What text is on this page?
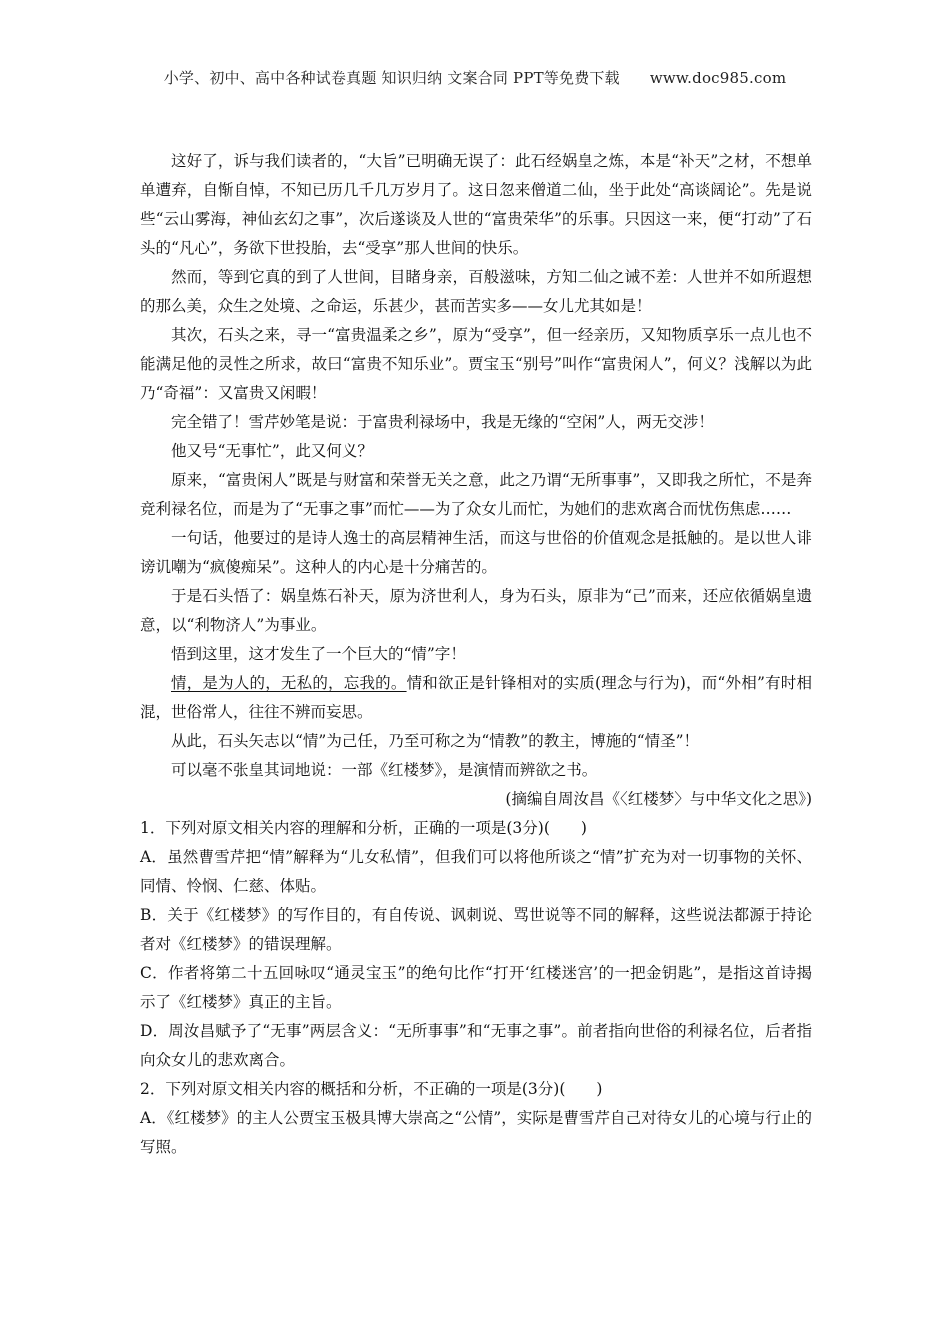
小学、初中、高中各种试卷真题 知识归纳 文案合同 PPT等免费下载 www.doc985.com

这好了，诉与我们读者的，“大旨”已明确无误了：此石经娲皇之炼，本是“补天”之材，不想单单遭弃，自惭自悼，不知已历几千几万岁月了。这日忽来僧道二仙，坐于此处“高谈阔论”。先是说些“云山雾海，神仙玄幻之事”，次后遂谈及人世的“富贵荣华”的乐事。只因这一来，便“打动”了石头的“凡心”，务欲下世投胎，去“受享”那人世间的快乐。

然而，等到它真的到了人世间，目睹身亲，百般滋味，方知二仙之诫不差：人世并不如所遐想的那么美，众生之处境、之命运，乐甚少，甚而苦实多——女儿尤其如是！

其次，石头之来，寻一“富贵温柔之乡”，原为“受享”，但一经亲历，又知物质享乐一点儿也不能满足他的灵性之所求，故曰“富贵不知乐业”。贾宝玉“别号”叫作“富贵闲人”，何义？浅解以为此乃“奇福”：又富贵又闲暇！

完全错了！雪芹妙笔是说：于富贵利禄场中，我是无缘的“空闲”人，两无交涉！

他又号“无事忙”，此又何义？

原来，“富贵闲人”既是与财富和荣誉无关之意，此之乃谓“无所事事”，又即我之所忙，不是奔竞利禄名位，而是为了“无事之事”而忙——为了众女儿而忙，为她们的悲欢离合而忧伤焦虑……

一句话，他要过的是诗人逸士的高层精神生活，而这与世俗的价值观念是抵触的。是以世人诽谤讥嘲为“疯傻痴呆”。这种人的内心是十分痛苦的。

于是石头悟了：娲皇炼石补天，原为济世利人，身为石头，原非为“己”而来，还应依循娲皇遗意，以“利物济人”为事业。

悟到这里，这才发生了一个巨大的“情”字！

情，是为人的，无私的，忘我的。情和欲正是针锋相对的实质(理念与行为)，而“外相”有时相混，世俗常人，往往不辨而妄思。

从此，石头矢志以“情”为己任，乃至可称之为“情教”的教主，博施的“情圣”！

可以毫不张皇其词地说：一部《红楼梦》，是演情而辨欲之书。

(摘编自周汝昌《〈红楼梦〉与中华文化之思》)

1．下列对原文相关内容的理解和分析，正确的一项是(3分)(　　)

A．虽然曹雪芹把“情”解释为“儿女私情”，但我们可以将他所谈之“情”扩充为对一切事物的关怀、同情、怜悯、仁慈、体贴。

B．关于《红楼梦》的写作目的，有自传说、讽刺说、骂世说等不同的解释，这些说法都源于持论者对《红楼梦》的错误理解。

C．作者将第二十五回咏叹“通灵宝玉”的绝句比作“打开‘红楼迷宫’的一把金钥匙”，是指这首诗揭示了《红楼梦》真正的主旨。

D．周汝昌赋予了“无事”两层含义：“无所事事”和“无事之事”。前者指向世俗的利禄名位，后者指向众女儿的悲欢离合。

2．下列对原文相关内容的概括和分析，不正确的一项是(3分)(　　)

A．《红楼梦》的主人公贾宝玉极具博大崇高之“公情”，实际是曹雪芹自己对待女儿的心境与行止的写照。
